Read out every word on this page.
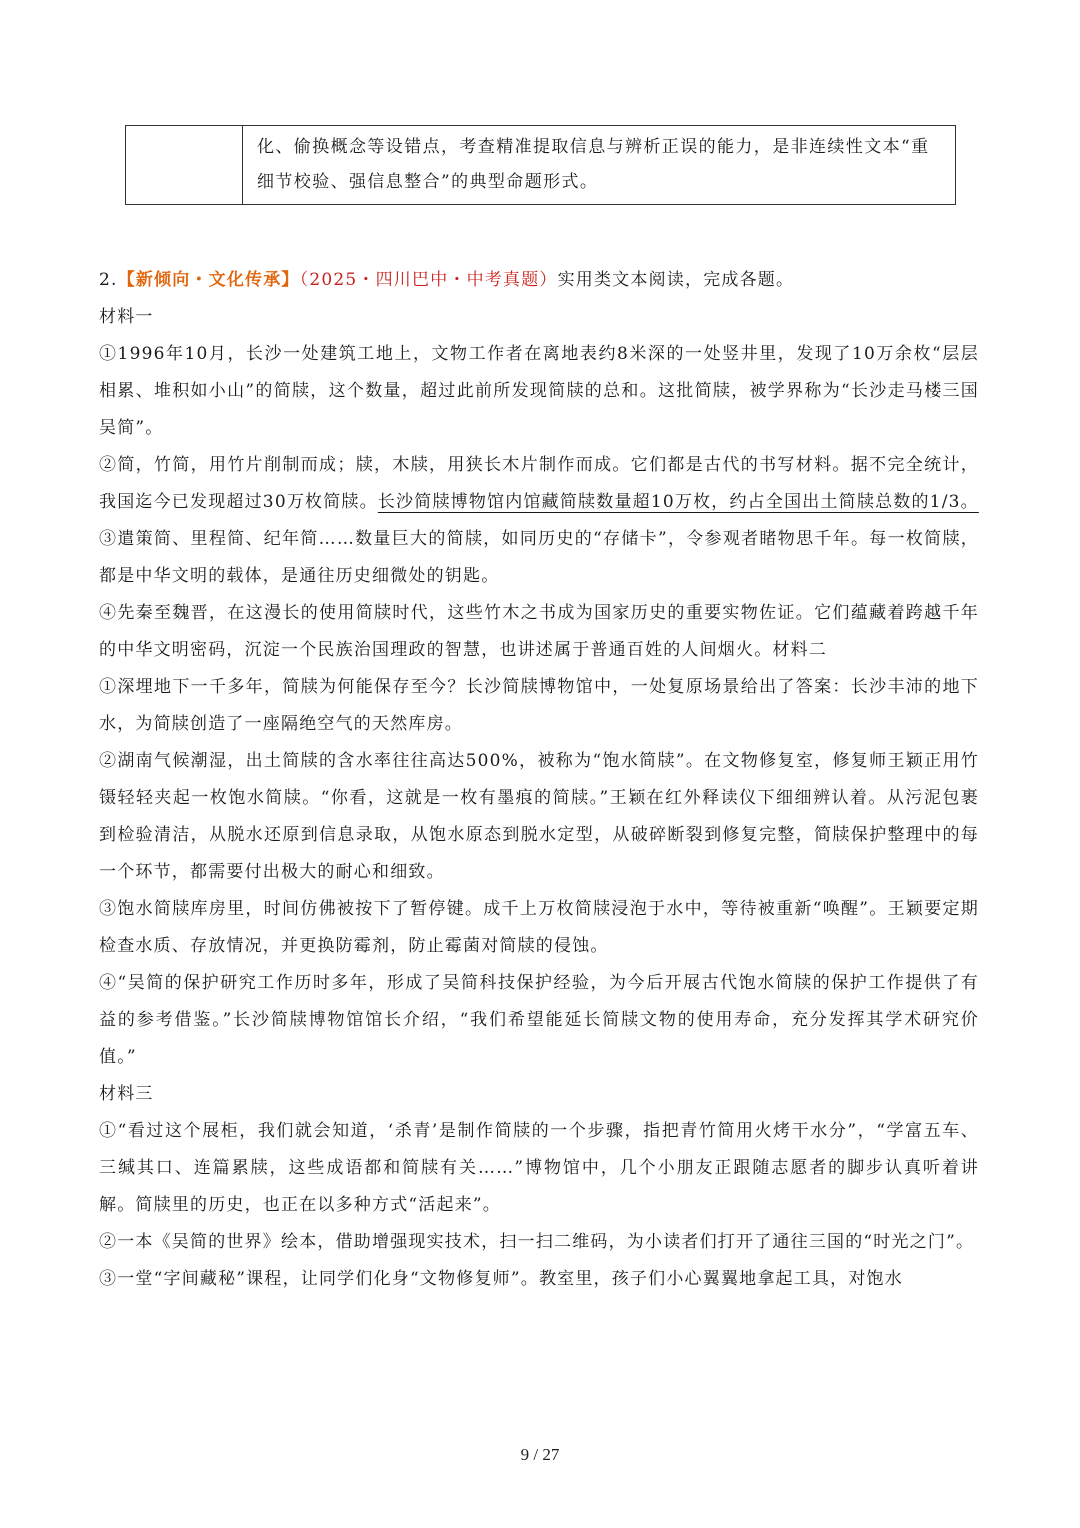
化、偷换概念等设错点，考查精准提取信息与辨析正误的能力，是非连续性文本“重细节校验、强信息整合”的典型命题形式。

2.【新倾向・文化传承】（2025・四川巴中・中考真题）实用类文本阅读，完成各题。

材料一

①1996年10月，长沙一处建筑工地上，文物工作者在离地表约8米深的一处竖井里，发现了10万余枚“层层相累、堆积如小山”的简牍，这个数量，超过此前所发现简牍的总和。这批简牍，被学界称为“长沙走马楼三国吴简”。

②简，竹简，用竹片削制而成；牍，木牍，用狭长木片制作而成。它们都是古代的书写材料。据不完全统计，我国迄今已发现超过30万枚简牍。长沙简牍博物馆内馆藏简牍数量超10万枚，约占全国出土简牍总数的1/3。

③遣策简、里程简、纪年简……数量巨大的简牍，如同历史的“存储卡”，令参观者睹物思千年。每一枚简牍，都是中华文明的载体，是通往历史细微处的钥匙。

④先秦至魏晋，在这漫长的使用简牍时代，这些竹木之书成为国家历史的重要实物佐证。它们蕴藏着跨越千年的中华文明密码，沉淀一个民族治国理政的智慧，也讲述属于普通百姓的人间烟火。材料二

①深埋地下一千多年，简牍为何能保存至今？长沙简牍博物馆中，一处复原场景给出了答案：长沙丰沛的地下水，为简牍创造了一座隔绝空气的天然库房。

②湖南气候潮湿，出土简牍的含水率往往高达500%，被称为“饱水简牍”。在文物修复室，修复师王颖正用竹镊轻轻夹起一枚饱水简牍。“你看，这就是一枚有墨痕的简牍。”王颖在红外释读仪下细细辨认着。从污泥包裹到检验清洁，从脱水还原到信息录取，从饱水原态到脱水定型，从破碎断裂到修复完整，简牍保护整理中的每一个环节，都需要付出极大的耐心和细致。

③饱水简牍库房里，时间仿佛被按下了暂停键。成千上万枚简牍浸泡于水中，等待被重新“唤醒”。王颖要定期检查水质、存放情况，并更换防霉剂，防止霉菌对简牍的侵蚀。

④“吴简的保护研究工作历时多年，形成了吴简科技保护经验，为今后开展古代饱水简牍的保护工作提供了有益的参考借鉴。”长沙简牍博物馆馆长介绍，“我们希望能延长简牍文物的使用寿命，充分发挥其学术研究价值。”

材料三

①“看过这个展柜，我们就会知道，‘杀青’是制作简牍的一个步骤，指把青竹简用火烤干水分”，“学富五车、三缄其口、连篇累牍，这些成语都和简牍有关……”博物馆中，几个小朋友正跟随志愿者的脚步认真听着讲解。简牍里的历史，也正在以多种方式“活起来”。

②一本《吴简的世界》绘本，借助增强现实技术，扫一扫二维码，为小读者们打开了通往三国的“时光之门”。

③一堂“字间藏秘”课程，让同学们化身“文物修复师”。教室里，孩子们小心翼翼地拿起工具，对饱水

9 / 27
